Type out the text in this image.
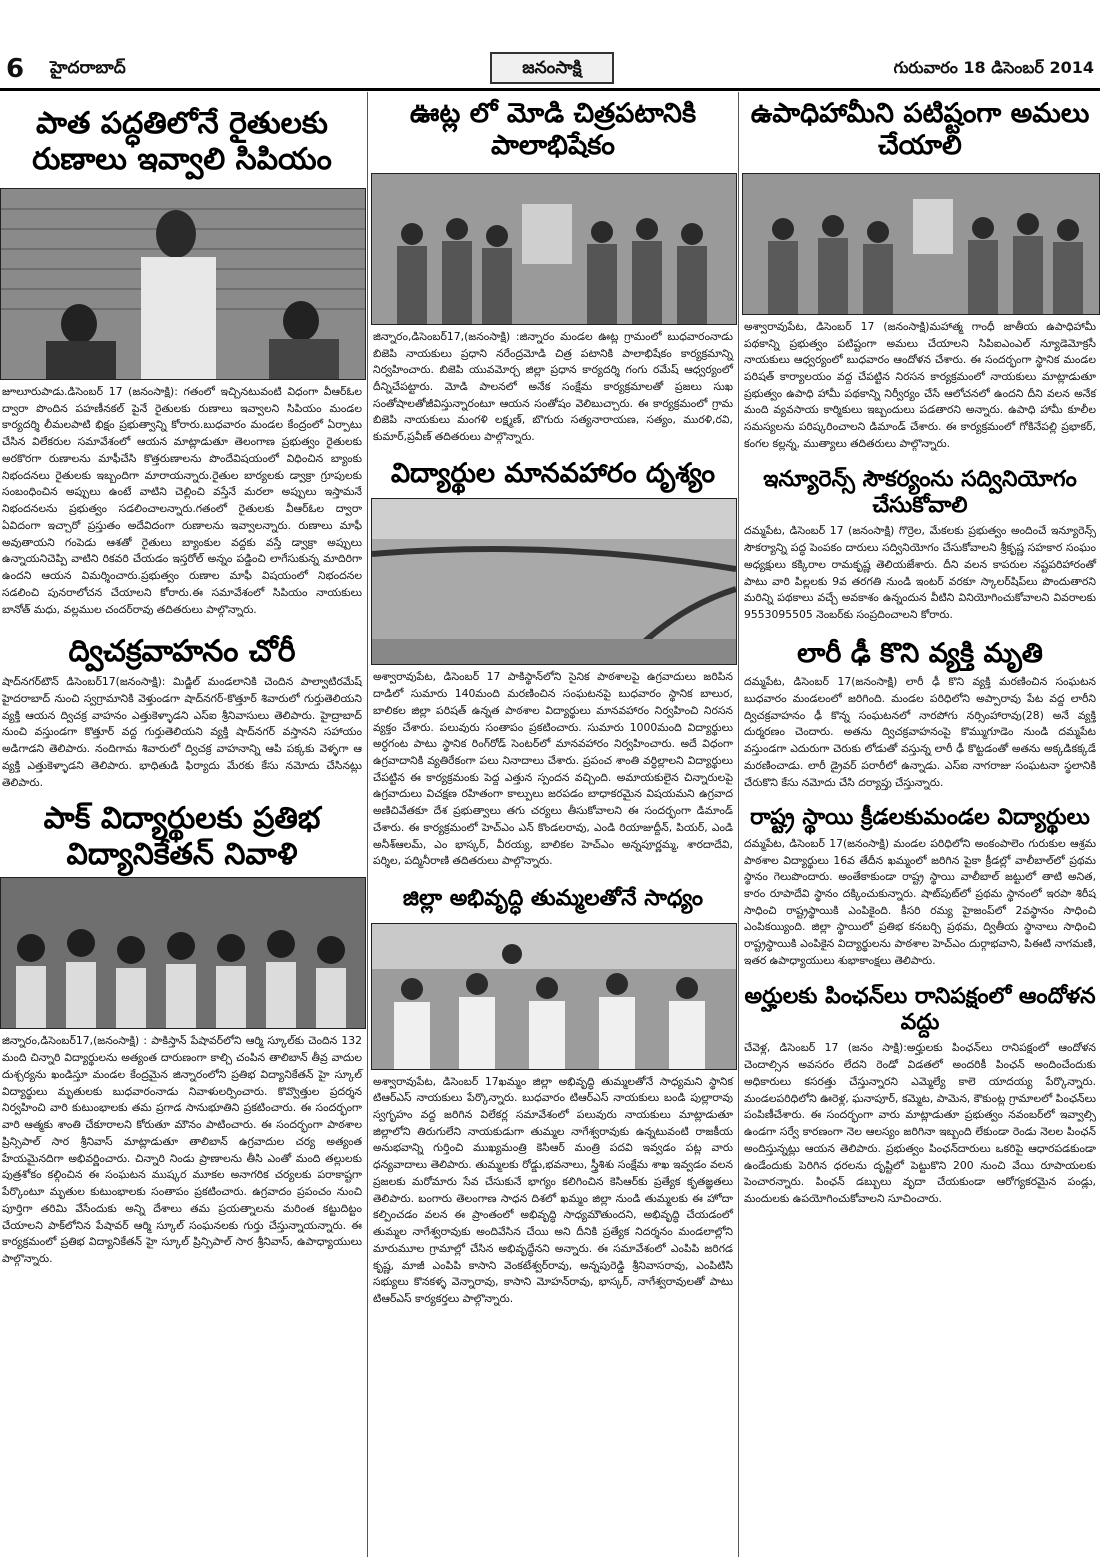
6 హైదరాబాద్	జనంసాక్షి	గురువారం 18 డిసెంబర్ 2014
పాత పద్ధతిలోనే రైతులకు రుణాలు ఇవ్వాలి సిపియం
జూలూరుపాడు.డిసెంబర్ 17 (జనంసాక్షి): గతంలో ఇచ్చినటువంటి విధంగా వీఆర్‌ఓల ద్వారా పొందిన పహణీనకల్ పైనే రైతులకు రుణాలు ఇవ్వాలని సిపియం మండల కార్యదర్శి లీమలపాటి భిక్షం ప్రభుత్వాన్ని కోరారు.బుధవారం మండల కేంద్రంలో ఏర్పాటు చేసిన విలేకరుల సమావేశంలో ఆయన మాట్లాడుతూ తెలంగాణ ప్రభుత్వం రైతులకు అరకొరగా రుణాలను మాఫీచేసి కొత్తరుణాలను పొందేవిషయంలో విధించిన బ్యాంకు నిభందనలు రైతులకు ఇబ్బందిగా మారాయన్నారు.రైతుల బార్యలకు డ్వాక్రా గ్రూపులకు సంబంధించిన అప్పులు ఉంటే వాటిని చెల్లించి వస్తేనే మరలా అప్పులు ఇస్తామనే నిభందనలను ప్రభుత్వం సడలించాలన్నారు.గతంలో రైతులకు వీఆర్‌ఓల ద్వారా ఏవిదంగా ఇచ్చారో ప్రస్తుతం అదేవిదంగా రుణాలను ఇవ్వాలన్నారు. రుణాలు మాఫీ అవుతాయని గంపెడు ఆశతో రైతులు బ్యాంకుల వద్దకు వస్తే డ్వాక్రా అప్పులు ఉన్నాయనిచెప్పి వాటిని రికవరి చేయడం ఇస్తరోల్ అన్నం పడ్డించి లాగేసుకున్న మాదిరిగా ఉందని ఆయన విమర్శించారు.ప్రభుత్వం రుణాల మాఫీ విషయంలో నిభందనల సడలించి పునరాలోచన చేయాలని కోరారు.ఈ సమావేశంలో సిపియం నాయకులు బానోత్ మధు, వల్లముల చందర్‌రావు తదితరులు పాల్గొన్నారు.
ద్విచక్రవాహనం చోరీ
షాద్‌నగర్‌టౌన్ డిసెంబర్17(జనంసాక్షి): మిడ్జిల్ మండలానికి చెందిన పాల్వాటిరమేష్ హైదరాబాద్ నుంచి స్వగ్రామానికి వెళ్తుండగా షాద్‌నగర్-కొత్తూర్ శివారులో గుర్తుతెలియని వ్యక్తి ఆయన ద్విచక్ర వాహనం ఎత్తుకెళ్ళాడని ఎస్‌ఐ శ్రీనివాసులు తెలిపారు. హైద్రాబాద్ నుంచి వస్తుండగా కొత్తూర్ వద్ద గుర్తుతెలియని వ్యక్తి షాద్‌నగర్ వస్తానని సహాయం అడిగాడని తెలిపారు. నందిగామ శివారులో ద్విచక్ర వాహనాన్ని ఆపి పక్కకు వెళ్ళగా ఆ వ్యక్తి ఎత్తుకెళ్ళాడని తెలిపారు. భాధితుడి ఫిర్యాదు మేరకు కేసు నమోదు చేసినట్లు తెలిపారు.
పాక్ విద్యార్థులకు ప్రతిభ విద్యానికేతన్ నివాళి
జిన్నారం,డిసెంబర్17,(జనంసాక్షి) : పాకిస్తాన్ పేషావర్‌లోని ఆర్మి స్కూల్‌కు చెందిన 132 మంది చిన్నారి విద్యార్థులను అత్యంత దారుణంగా కాల్చి చంపిన తాలిబాన్ తీవ్ర వాదుల దుశ్చర్యను ఖండిస్తూ మండల కేంద్రమైన జిన్నారంలోని ప్రతిభ విద్యానికేతన్ హై స్కూల్ విద్యార్థులు మృతులకు బుధవారంనాడు నివాళులర్పించారు. కొవ్వొత్తుల ప్రదర్శన నిర్వహించి వారి కుటుంభాలకు తమ ప్రగాడ సానుభూతిని ప్రకటించారు. ఈ సందర్భంగా వారి ఆత్మకు శాంతి చేకూరాలని కోరుతూ మౌనం పాటించారు. ఈ సందర్భంగా పాఠశాల ప్రిన్సిపాల్ సార శ్రీనివాస్ మాట్లాడుతూ తాలిబాన్ ఉగ్రవాదుల చర్య అత్యంత హేయమైనదిగా అభివర్ణించారు. చిన్నారి నిండు ప్రాణాలను తీసి ఎంతో మంది తల్లులకు పుత్రశోకం కల్గించిన ఈ సంఘటన ముష్కర మూకల అనాగరిక చర్యలకు పరాకాష్టగా పేర్కొంటూ మృతుల కుటుంభాలకు సంతాపం ప్రకటించారు. ఉగ్రవాదం ప్రపంచం నుంచి పూర్తిగా తరిమి వేసేందుకు అన్ని దేశాలు తమ ప్రయత్నాలను మరింత కట్టుదిట్టం చేయాలని పాక్‌లోనిన పేషావర్ ఆర్మి స్కూల్ సంఘనలకు గుర్తు చేస్తున్నాయన్నారు. ఈ కార్యక్రమంలో ప్రతిభ విద్యానికేతన్ హై స్కూల్ ప్రిన్సిపాల్ సార శ్రీనివాస్, ఉపాధ్యాయులు పాల్గొన్నారు.
ఊట్ల లో మోడి చిత్రపటానికి పాలాభిషేకం
జిన్నారం,డిసెంబర్17,(జనంసాక్షి) :జిన్నారం మండల ఊట్ల గ్రామంలో బుధవారంనాడు బిజెపి నాయకులు ప్రధాని నరేంద్రమోడి చిత్ర పటానికి పాలాభిషేకం కార్యక్రమాన్ని నిర్వహించారు. బిజెపి యువమోర్చ జిల్లా ప్రధాన కార్యదర్శి గంగు రమేష్ ఆధ్వర్యంలో దీన్నిచేపట్టారు. మోడి పాలనలో అనేక సంక్షేమ కార్యక్రమాలతో ప్రజలు సుఖ సంతోషాలతోజీవిస్తున్నారంటూ ఆయన సంతోషం వెలిబుచ్చారు. ఈ కార్యక్రమంలో గ్రామ బిజెపి నాయకులు మంగళి లక్ష్మణ్, బొగురు సత్యనారాయణ, సత్యం, మురళి,రవి, కుమార్,ప్రవీణ్ తదితరులు పాల్గొన్నారు.
విద్యార్థుల మానవహారం దృశ్యం
అశ్వారావుపేట, డిసెంబర్ 17 పాకిస్థాన్‌లోని సైనిక పాఠశాలపై ఉగ్రవాదులు జరిపిన దాడిలో సుమారు 140మంది మరణించిన సంఘటనపై బుధవారం స్థానిక బాలుర, బాలికల జిల్లా పరిషత్ ఉన్నత పాఠశాల విద్యార్థులు మానవహారం నిర్వహించి నిరసన వ్యక్తం చేశారు. పలువురు సంతాపం ప్రకటించారు. సుమారు 1000మంది విద్యార్థులు అర్ధగంట పాటు స్థానిక రింగ్‌రోడ్ సెంటర్‌లో మానవహారం నిర్వహించారు. అదే విధంగా ఉగ్రవాదానికి వ్యతిరేకంగా పలు నినాదాలు చేశారు. ప్రపంచ శాంతి వర్ధిల్లాలని విద్యార్థులు చేపట్టిన ఈ కార్యక్రమంకు పెద్ద ఎత్తున స్పందన వచ్చింది. అమాయకులైన చిన్నారులపై ఉగ్రవాదులు విచక్షణ రహితంగా కాల్పులు జరపడం బాధాకరమైన విషయమని ఉగ్రవాద అణిచివేతకూ దేశ ప్రభుత్వాలు తగు చర్యలు తీసుకోవాలని ఈ సందర్భంగా డిమాండ్ చేశారు. ఈ కార్యక్రమంలో హెచ్‌ఎం ఎన్ కొండలరావు, ఎండి రియాజుద్దీన్, పియర్, ఎండి అనీశ్‌ఆలమ్, ఎం భాస్కర్, వీరయ్య, బాలికల హెచ్‌ఎం అన్నపూర్ణమ్మ, శారదాదేవి, పర్శిల, పద్మినీరాణి తదితరులు పాల్గొన్నారు.
జిల్లా అభివృద్ధి తుమ్మలతోనే సాధ్యం
అశ్వారావుపేట, డిసెంబర్ 17ఖమ్మం జిల్లా అభివృద్ధి తుమ్మలతోనే సాధ్యమని స్థానిక టిఆర్‌ఎస్ నాయకులు పేర్కొన్నారు. బుధవారం టిఆర్‌ఎస్ నాయకులు బండి పుల్లారావు స్వగృహం వద్ద జరిగిన విలేకర్ల సమావేశంలో పలువురు నాయకులు మాట్లాడుతూ జిల్లాలోని తిరుగులేని నాయకుడుగా తుమ్మల నాగేశ్వరావుకు ఉన్నటువంటి రాజకీయ అనుభవాన్ని గుర్తించి ముఖ్యమంత్రి కెసిఆర్ మంత్రి పదవి ఇవ్వడం పట్ల వారు ధన్యవాదాలు తెలిపారు. తుమ్మలకు రోడ్డు,భవనాలు, స్త్రీశిశు సంక్షేమ శాఖ ఇవ్వడం వలన ప్రజలకు మరోమారు సేవ చేసుకునే భాగ్యం కలిగించిన కెసిఆర్‌కు ప్రత్యేక కృతజ్ఞతలు తెలిపారు. బంగారు తెలంగాణ సాధన దిశలో ఖమ్మం జిల్లా నుండి తుమ్మలకు ఈ హోదా కల్పించడం వలన ఈ ప్రాంతంలో అభివృద్ధి సాధ్యమౌతుందని, అభివృద్ధి చేయడంలో తుమ్మల నాగేశ్వరావుకు అందివేసిన చేయి అని దీనికి ప్రత్యేక నిదర్శనం మండలాల్లోని మారుమూల గ్రామాల్లో చేసిన అభివృద్ధేనని అన్నారు. ఈ సమావేశంలో ఎంపిపి జరిగడ కృష్ణ, మాజీ ఎంపిపి కాసాని వెంకటేశ్వర్‌రావు, అన్నపురెడ్డి శ్రీనివాసరావు, ఎంపిటిసి సభ్యులు కొనకళ్ళ వెన్నారావు, కాసాని మోహన్‌రావు, భాస్కర్, నాగేశ్వరావులతో పాటు టిఆర్‌ఎస్ కార్యకర్తలు పాల్గొన్నారు.
ఉపాధిహామీని పటిష్టంగా అమలు చేయాలి
అశ్వారావుపేట, డిసెంబర్ 17 (జనంసాక్షి)మహాత్మ గాంధీ జాతీయ ఉపాధిహామీ పథకాన్ని ప్రభుత్వం పటిష్టంగా అమలు చేయాలని సిపిఐఎంఎల్ న్యూడెమోక్రసీ నాయకులు ఆధ్వర్యంలో బుధవారం ఆందోళన చేశారు. ఈ సందర్భంగా స్థానిక మండల పరిషత్ కార్యాలయం వద్ద చేపట్టిన నిరసన కార్యక్రమంలో నాయకులు మాట్లాడుతూ ప్రభుత్వం ఉపాధి హామీ పథకాన్ని నిర్వీర్యం చేసే ఆలోచనలో ఉందని దీని వలన అనేక మంది వ్యవసాయ కార్మికులు ఇబ్బందులు పడతారని అన్నారు. ఉపాధి హామీ కూలీల సమస్యలను పరిష్కరించాలని డిమాండ్ చేశారు. ఈ కార్యక్రమంలో గోకినేపల్లి ప్రభాకర్, కంగల కల్లన్న, ముత్యాలు తదితరులు పాల్గొన్నారు.
ఇన్యూరెన్స్ సౌకర్యంను సద్వినియోగం చేసుకోవాలి
దమ్మపేట, డిసెంబర్ 17 (జనంసాక్షి) గొర్రెల, మేకలకు ప్రభుత్వం అందించే ఇన్యూరెన్స్ సౌకర్యాన్ని పద్ధ పెంపకం దారులు సద్వినియోగం చేసుకోవాలని శ్రీకృష్ణ సహకార సంఘం అధ్యక్షులు కక్కిరాల రామకృష్ణ తెలియజేశారు. దీని వలన కాపరుల నష్టపరిహారంతో పాటు వారి పిల్లలకు 9వ తరగతి నుండి ఇంటర్ వరకూ స్కాలర్‌షిప్‌లు పొందుతారని మరిన్ని పథకాలు వచ్చే అవకాశం ఉన్నందున వీటిని వినియోగించుకోవాలని వివరాలకు 9553095505 నెంబర్‌కు సంప్రదించాలని కోరారు.
లారీ ఢీ కొని వ్యక్తి మృతి
దమ్మపేట, డిసెంబర్ 17(జనంసాక్షి) లారీ ఢీ కొని వ్యక్తి మరణించిన సంఘటన బుధవారం మండలంలో జరిగింది. మండల పరిధిలోని అప్పారావు పేట వద్ద లారీని ద్విచక్రవాహనం ఢీ కొన్న సంఘటనలో నారపోగు నర్సింహారావు(28) అనే వ్యక్తి దుర్మరణం చెందారు. అతను ద్విచక్రవాహనంపై కొమ్ముగూడెం నుండి దమ్మపేట వస్తుండగా ఎదురుగా చెరుకు లోడుతో వస్తున్న లారీ ఢీ కొట్టడంతో అతను అక్కడికక్కడే మరణించాడు. లారీ డ్రైవర్ పరారీలో ఉన్నాడు. ఎస్ఐ నాగరాజు సంఘటనా స్థలానికి చేరుకొని కేసు నమోదు చేసి దర్యాప్తు చేస్తున్నారు.
రాష్ట్ర స్థాయి క్రీడలకుమండల విద్యార్థులు
దమ్మపేట, డిసెంబర్ 17(జనంసాక్షి) మండల పరిధిలోని అంకంపాలెం గురుకుల ఆశ్రమ పాఠశాల విద్యార్థులు 16వ తేదీన ఖమ్మంలో జరిగిన పైకా క్రీడల్లో వాలీబాల్‌లో ప్రథమ స్థానం గెలుపొందారు. అంతేకాకుండా రాష్ట్ర స్థాయి వాలీబాల్ జట్టులో తాటి అనిత, కారం రూపాదేవి స్థానం దక్కించుకున్నారు. షాట్‌పుట్‌లో ప్రథమ స్థానంలో ఇరపా శిరీష సాధించి రాష్ట్రస్థాయికి ఎంపికైంది. కీసరి రమ్య హైజంప్‌లో 2వస్థానం సాధించి ఎంపికయ్యింది. జిల్లా స్థాయిలో ప్రతిభ కనబర్చి ప్రథమ, ద్వితీయ స్థానాలు సాధించి రాష్ట్రస్థాయికి ఎంపికైన విద్యార్థులను పాఠశాల హెచ్‌ఎం దుర్గాభవాని, పిఈటి నాగమణి, ఇతర ఉపాధ్యాయులు శుభాకాంక్షలు తెలిపారు.
అర్హులకు పింఛన్‌లు రానిపక్షంలో ఆందోళన వద్దు
చేవెళ్ల, డిసెంబర్ 17 (జనం సాక్షి):అర్హులకు పింఛన్‌లు రానిపక్షంలో ఆందోళన చెందాల్సిన అవసరం లేదని రెండో విడతలో అందరికీ పింఛన్ అందించేందుకు అధికారులు కసరత్తు చేస్తున్నారని ఎమ్మెల్యే కాలె యాదయ్య పేర్కొన్నారు. మండలపరిధిలోని ఊరెళ్ల, ఘనాపూర్, కమ్మెట, పామెన, కౌకుంట్ల గ్రామాలలో పింఛన్‌లు పంపిణీచేశారు. ఈ సందర్భంగా వారు మాట్లాడుతూ ప్రభుత్వం నవంబర్‌లో ఇవ్వాల్సి ఉండగా సర్వే కారణంగా నెల ఆలస్యం జరిగినా ఇబ్బంది లేకుండా రెండు నెలల పింఛన్ అందిస్తున్నట్లు ఆయన తెలిపారు. ప్రభుత్వం పింఛన్‌దారులు ఒకరిపై ఆధారపడకుండా ఉండేందుకు పెరిగిన ధరలను దృష్టిలో పెట్టుకొని 200 నుంచి వేయి రూపాయలకు పెంచారన్నారు. పింఛన్ డబ్బులు వృదా చేయకుండా ఆరోగ్యకరమైన పండ్లు, మందులకు ఉపయోగించుకోవాలని సూచించారు.
